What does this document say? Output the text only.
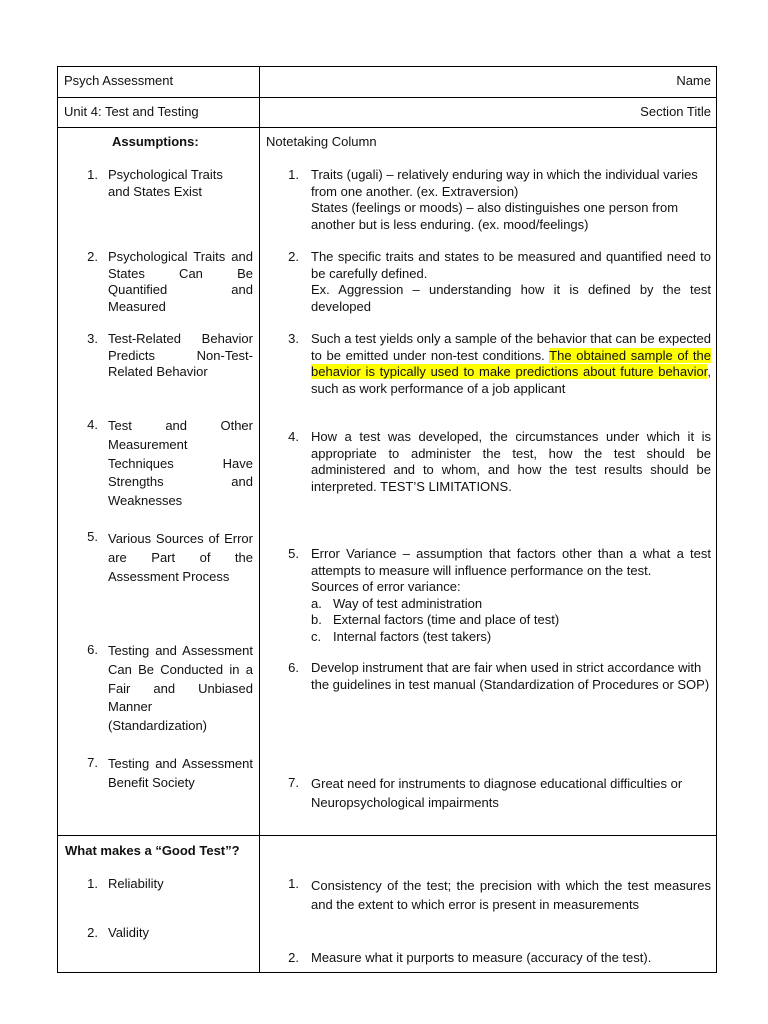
Psych Assessment	Name
Unit 4: Test and Testing	Section Title
Assumptions:
1. Psychological Traits and States Exist
2. Psychological Traits and States Can Be Quantified and Measured
3. Test-Related Behavior Predicts Non-Test-Related Behavior
4. Test and Other Measurement Techniques Have Strengths and Weaknesses
5. Various Sources of Error are Part of the Assessment Process
6. Testing and Assessment Can Be Conducted in a Fair and Unbiased Manner (Standardization)
7. Testing and Assessment Benefit Society
What makes a “Good Test”?
1. Reliability
2. Validity
Notetaking Column
1. Traits (ugali) – relatively enduring way in which the individual varies from one another. (ex. Extraversion)
States (feelings or moods) – also distinguishes one person from another but is less enduring. (ex. mood/feelings)
2. The specific traits and states to be measured and quantified need to be carefully defined.
Ex. Aggression – understanding how it is defined by the test developed
3. Such a test yields only a sample of the behavior that can be expected to be emitted under non-test conditions. The obtained sample of the behavior is typically used to make predictions about future behavior, such as work performance of a job applicant
4. How a test was developed, the circumstances under which it is appropriate to administer the test, how the test should be administered and to whom, and how the test results should be interpreted. TEST’S LIMITATIONS.
5. Error Variance – assumption that factors other than a what a test attempts to measure will influence performance on the test.
Sources of error variance:
a. Way of test administration
b. External factors (time and place of test)
c. Internal factors (test takers)
6. Develop instrument that are fair when used in strict accordance with the guidelines in test manual (Standardization of Procedures or SOP)
7. Great need for instruments to diagnose educational difficulties or Neuropsychological impairments
1. Consistency of the test; the precision with which the test measures and the extent to which error is present in measurements
2. Measure what it purports to measure (accuracy of the test).
